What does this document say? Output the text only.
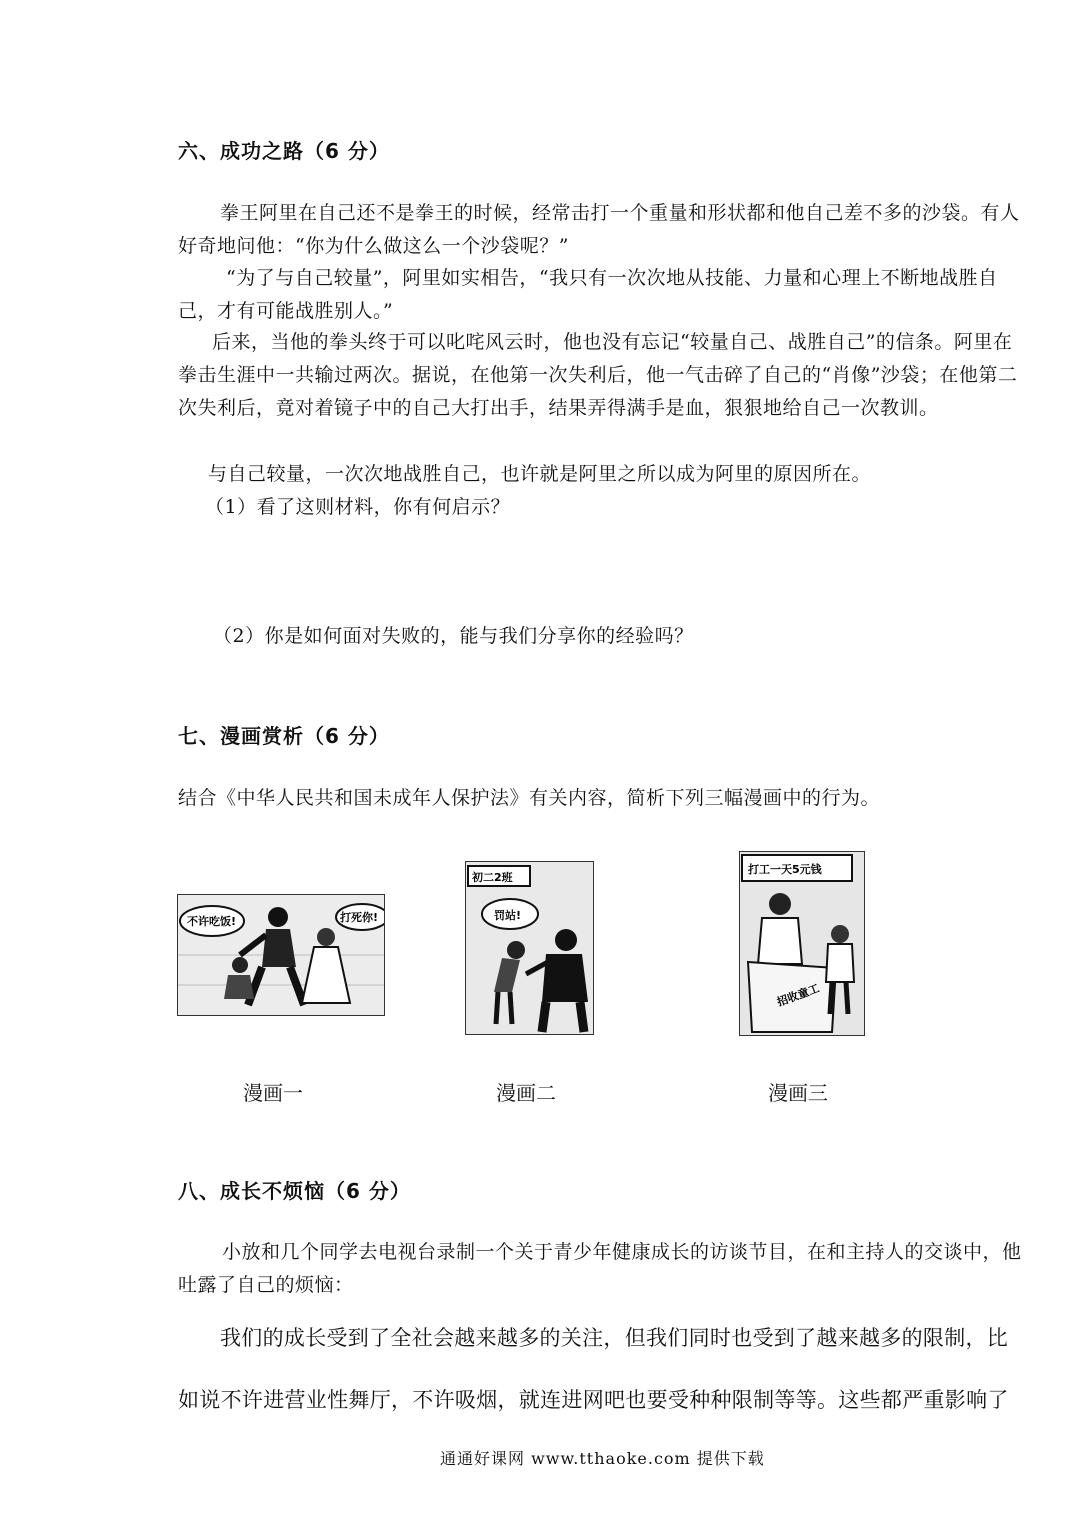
六、成功之路（6 分）
拳王阿里在自己还不是拳王的时候，经常击打一个重量和形状都和他自己差不多的沙袋。有人好奇地问他：“你为什么做这么一个沙袋呢？”
“为了与自己较量”，阿里如实相告，“我只有一次次地从技能、力量和心理上不断地战胜自己，才有可能战胜别人。”
后来，当他的拳头终于可以叱咤风云时，他也没有忘记“较量自己、战胜自己”的信条。阿里在拳击生涯中一共输过两次。据说，在他第一次失利后，他一气击碎了自己的“肖像”沙袋；在他第二次失利后，竟对着镜子中的自己大打出手，结果弄得满手是血，狠狠地给自己一次教训。
与自己较量，一次次地战胜自己，也许就是阿里之所以成为阿里的原因所在。
（1）看了这则材料，你有何启示？
（2）你是如何面对失败的，能与我们分享你的经验吗？
七、漫画赏析（6 分）
结合《中华人民共和国未成年人保护法》有关内容，简析下列三幅漫画中的行为。
不许吃饭!	打死你!
初二2班
罚站!
打工一天5元钱
招收童工
漫画一	漫画二	漫画三
八、成长不烦恼（6 分）
小放和几个同学去电视台录制一个关于青少年健康成长的访谈节目，在和主持人的交谈中，他吐露了自己的烦恼：
我们的成长受到了全社会越来越多的关注，但我们同时也受到了越来越多的限制，比
如说不许进营业性舞厅，不许吸烟，就连进网吧也要受种种限制等等。这些都严重影响了
通通好课网 www.tthaoke.com 提供下载
